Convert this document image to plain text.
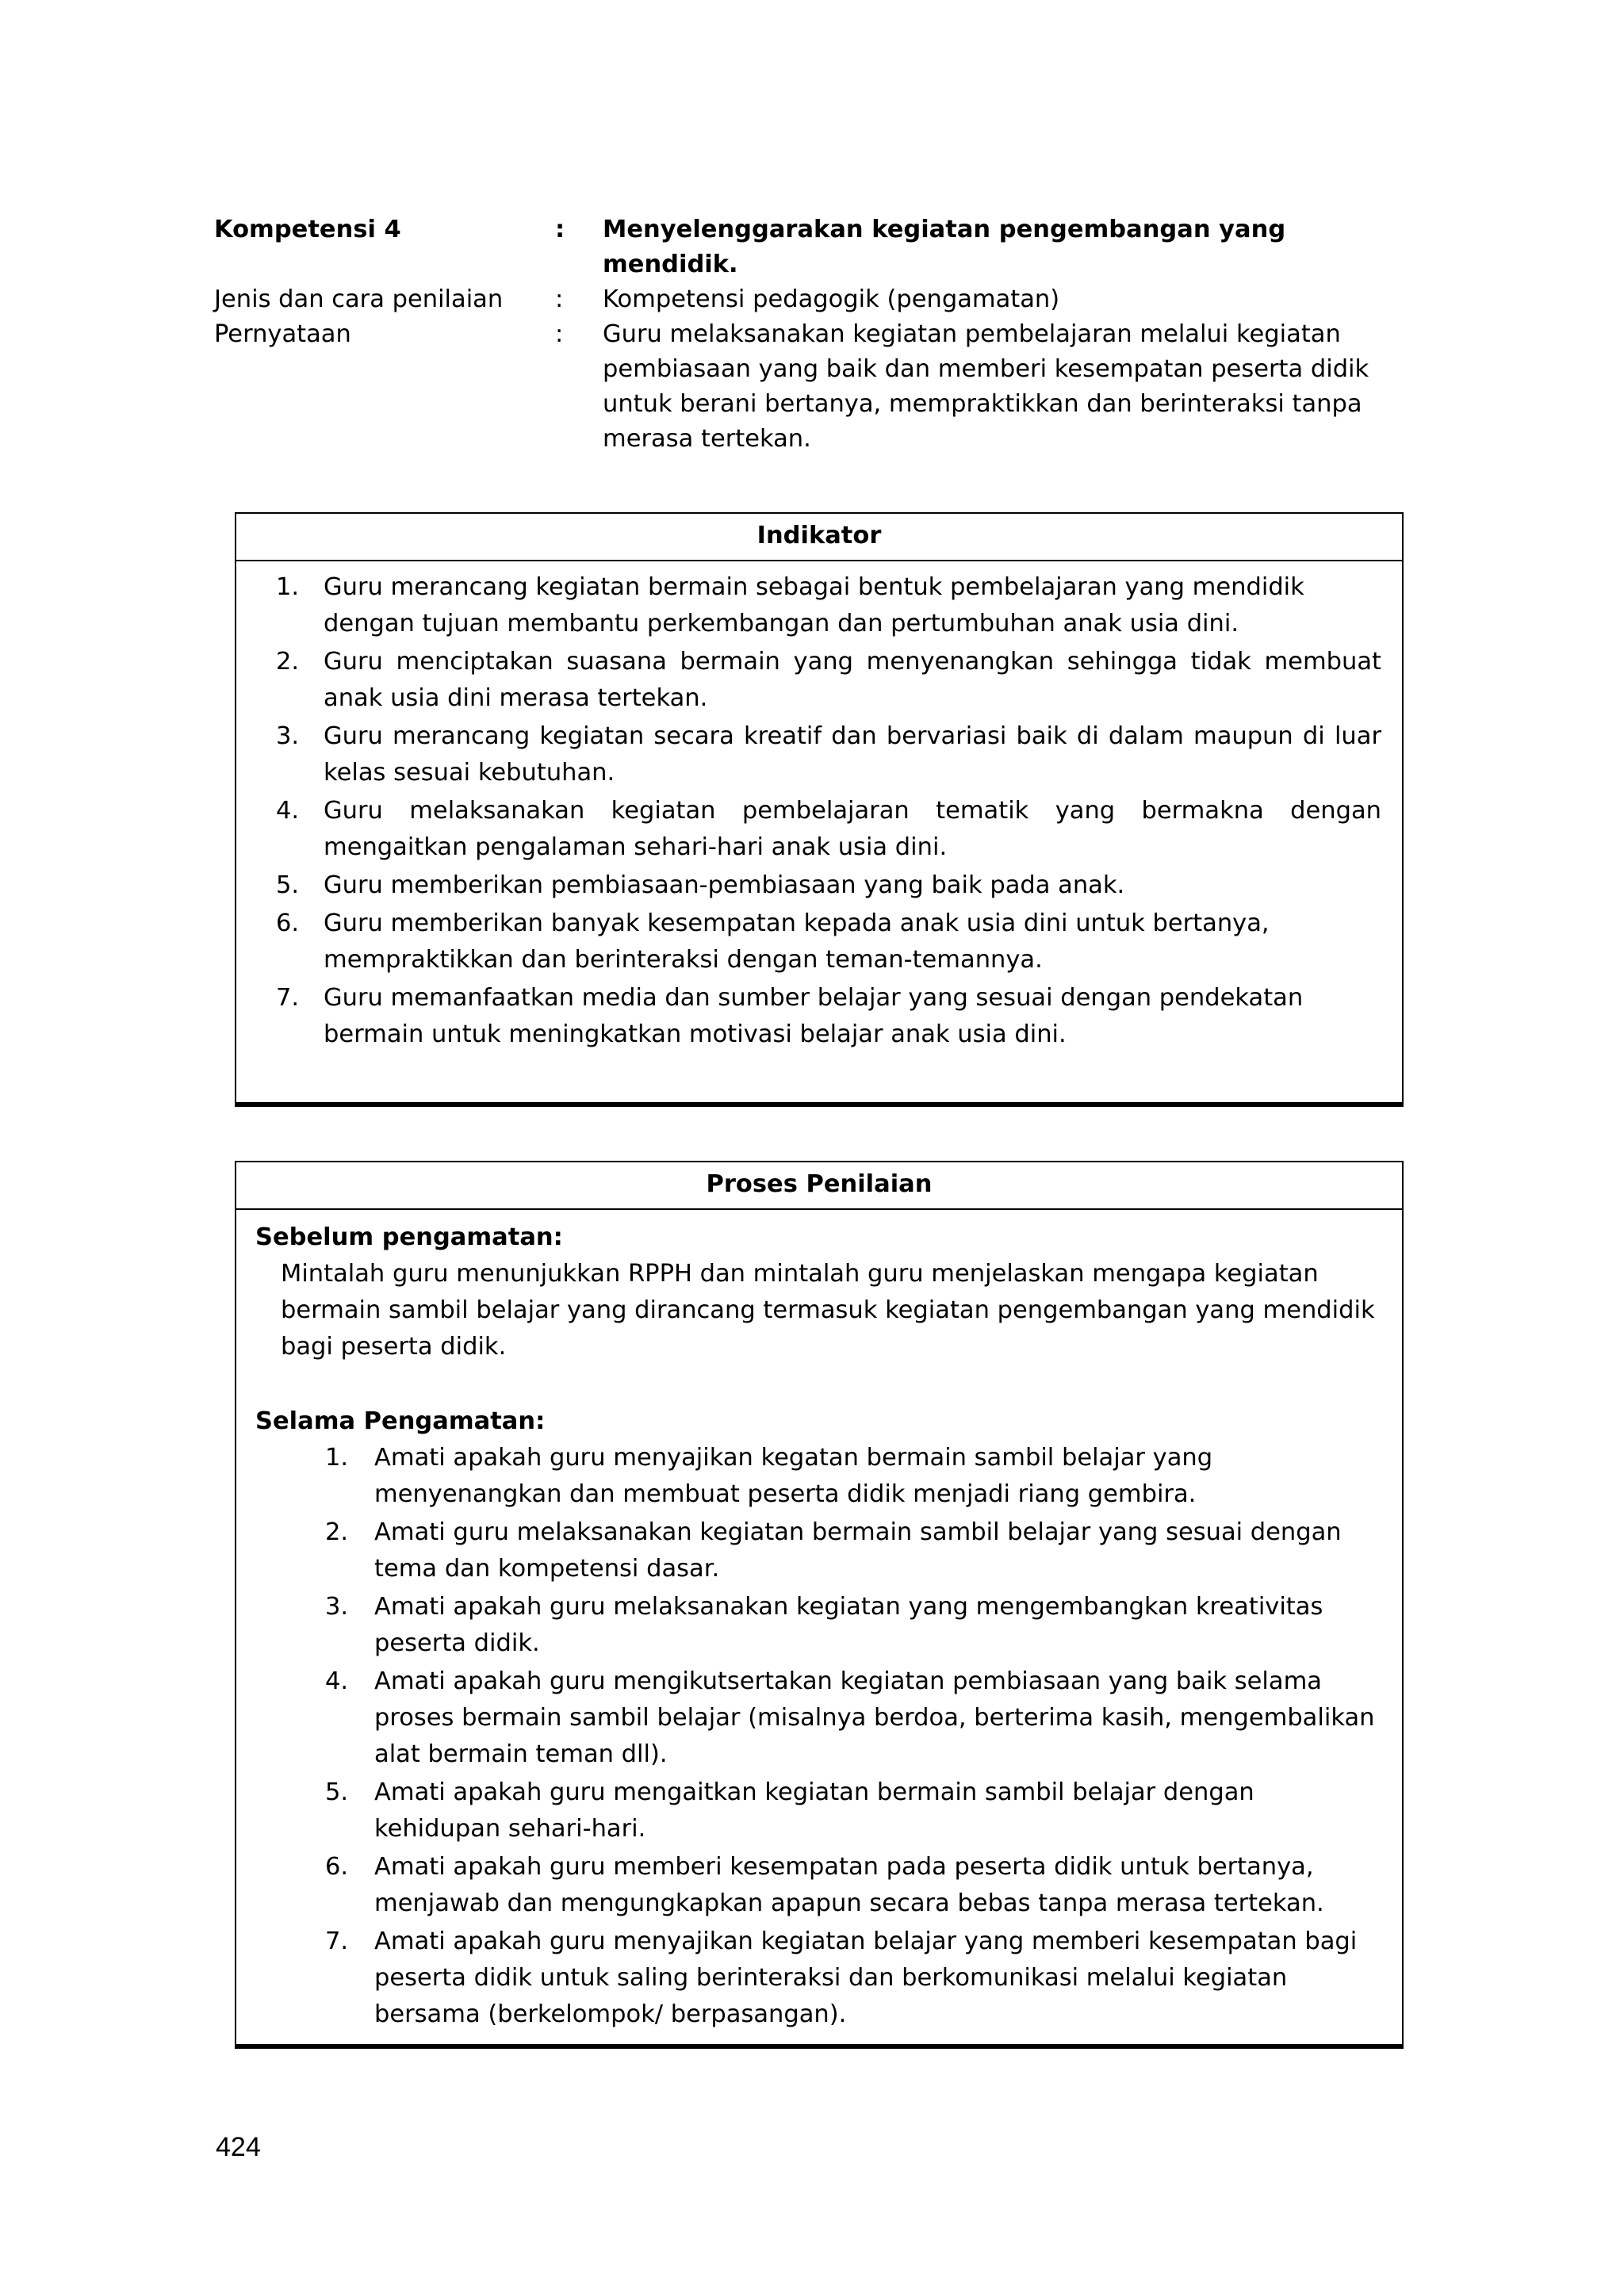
Kompetensi 4	:	Menyelenggarakan kegiatan pengembangan yang mendidik.
Jenis dan cara penilaian	:	Kompetensi pedagogik (pengamatan)
Pernyataan	:	Guru melaksanakan kegiatan pembelajaran melalui kegiatan pembiasaan yang baik dan memberi kesempatan peserta didik untuk berani bertanya, mempraktikkan dan berinteraksi tanpa merasa tertekan.
Indikator
1.	Guru merancang kegiatan bermain sebagai bentuk pembelajaran yang mendidik dengan tujuan membantu perkembangan dan pertumbuhan anak usia dini.
2.	Guru menciptakan suasana bermain yang menyenangkan sehingga tidak membuat anak usia dini merasa tertekan.
3.	Guru merancang kegiatan secara kreatif dan bervariasi baik di dalam maupun di luar kelas sesuai kebutuhan.
4.	Guru melaksanakan kegiatan pembelajaran tematik yang bermakna dengan mengaitkan pengalaman sehari-hari anak usia dini.
5.	Guru memberikan pembiasaan-pembiasaan yang baik pada anak.
6.	Guru memberikan banyak kesempatan kepada anak usia dini untuk bertanya, mempraktikkan dan berinteraksi dengan teman-temannya.
7.	Guru memanfaatkan media dan sumber belajar yang sesuai dengan pendekatan bermain untuk meningkatkan motivasi belajar anak usia dini.
Proses Penilaian
Sebelum pengamatan:
Mintalah guru menunjukkan RPPH dan mintalah guru menjelaskan mengapa kegiatan bermain sambil belajar yang dirancang termasuk kegiatan pengembangan yang mendidik bagi peserta didik.
Selama Pengamatan:
1.	Amati apakah guru menyajikan kegatan bermain sambil belajar yang menyenangkan dan membuat peserta didik menjadi riang gembira.
2.	Amati guru melaksanakan kegiatan bermain sambil belajar yang sesuai dengan tema dan kompetensi dasar.
3.	Amati apakah guru melaksanakan kegiatan yang mengembangkan kreativitas peserta didik.
4.	Amati apakah guru mengikutsertakan kegiatan pembiasaan yang baik selama proses bermain sambil belajar (misalnya berdoa, berterima kasih, mengembalikan alat bermain teman dll).
5.	Amati apakah guru mengaitkan kegiatan bermain sambil belajar dengan kehidupan sehari-hari.
6.	Amati apakah guru memberi kesempatan pada peserta didik untuk bertanya, menjawab dan mengungkapkan apapun secara bebas tanpa merasa tertekan.
7.	Amati apakah guru menyajikan kegiatan belajar yang memberi kesempatan bagi peserta didik untuk saling berinteraksi dan berkomunikasi melalui kegiatan bersama (berkelompok/ berpasangan).
424
